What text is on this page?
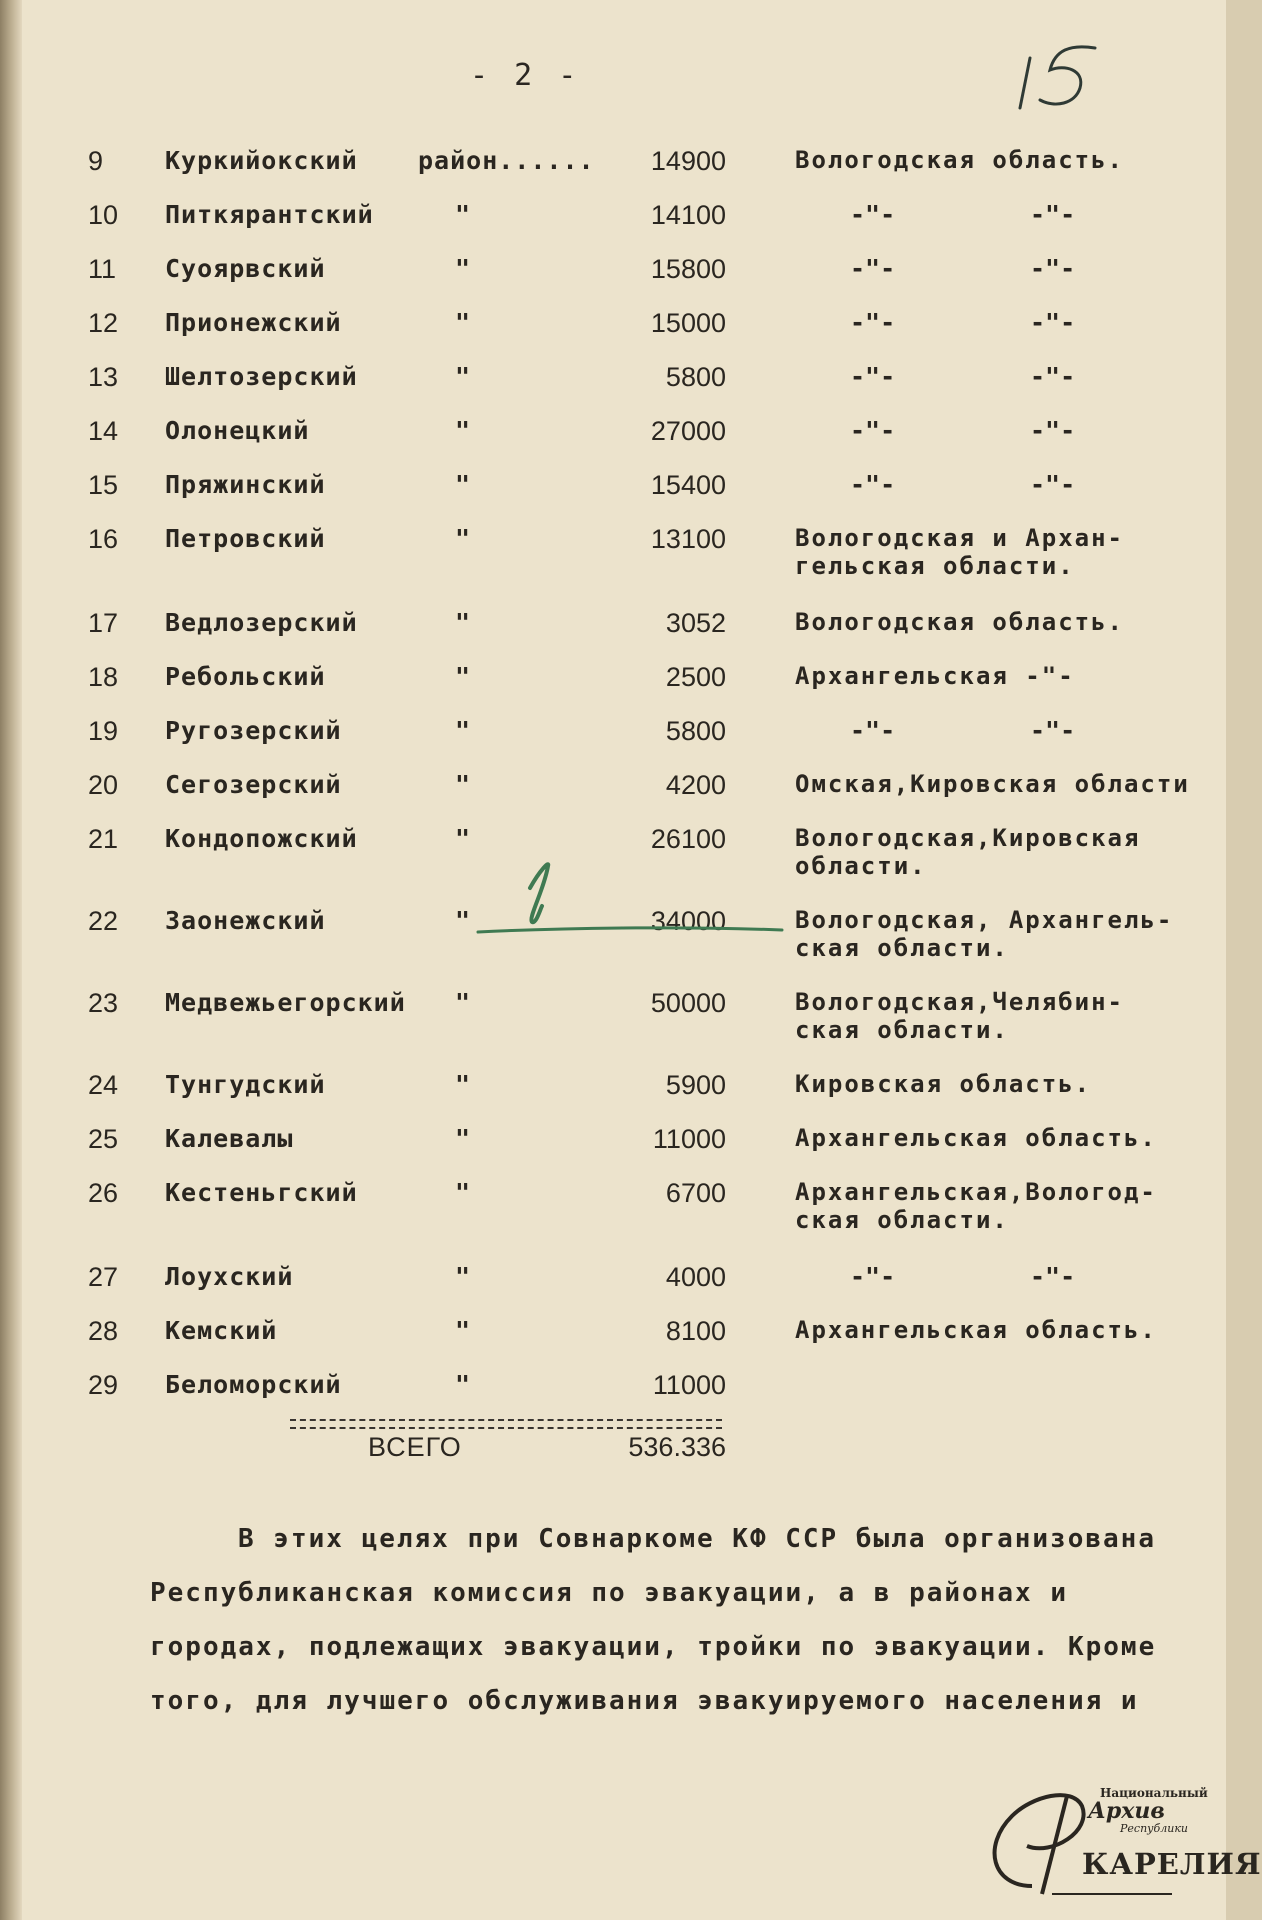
- 2 -
9	Куркийокский район...... 14900	Вологодская область.
10	Питкярантский	"	14100	-"-	-"-
11	Суоярвский	"	15800	-"-	-"-
12	Прионежский	"	15000	-"-	-"-
13	Шелтозерский	"	5800	-"-	-"-
14	Олонецкий	"	27000	-"-	-"-
15	Пряжинский	"	15400	-"-	-"-
16	Петровский	"	13100	Вологодская и Архан-
гельская области.
17	Ведлозерский	"	3052	Вологодская область.
18	Ребольский	"	2500	Архангельская -"-
19	Ругозерский	"	5800	-"-	-"-
20	Сегозерский	"	4200	Омская,Кировская области
21	Кондопожский	"	26100	Вологодская,Кировская
области.
22	Заонежский	"	34000	Вологодская, Архангель-
ская области.
23	Медвежьегорский "	50000	Вологодская,Челябин-
ская области.
24	Тунгудский	"	5900	Кировская область.
25	Калевалы	"	11000	Архангельская область.
26	Кестеньгский	"	6700	Архангельская,Вологод-
ская области.
27	Лоухский	"	4000	-"-	-"-
28	Кемский	"	8100	Архангельская область.
29	Беломорский	"	11000
ВСЕГО	536.336

В этих целях при Совнаркоме КФ ССР была организована Республиканская комиссия по эвакуации, а в районах и городах, подлежащих эвакуации, тройки по эвакуации. Кроме того, для лучшего обслуживания эвакуируемого населения и

Национальный
Архив
Республики
КАРЕЛИЯ
